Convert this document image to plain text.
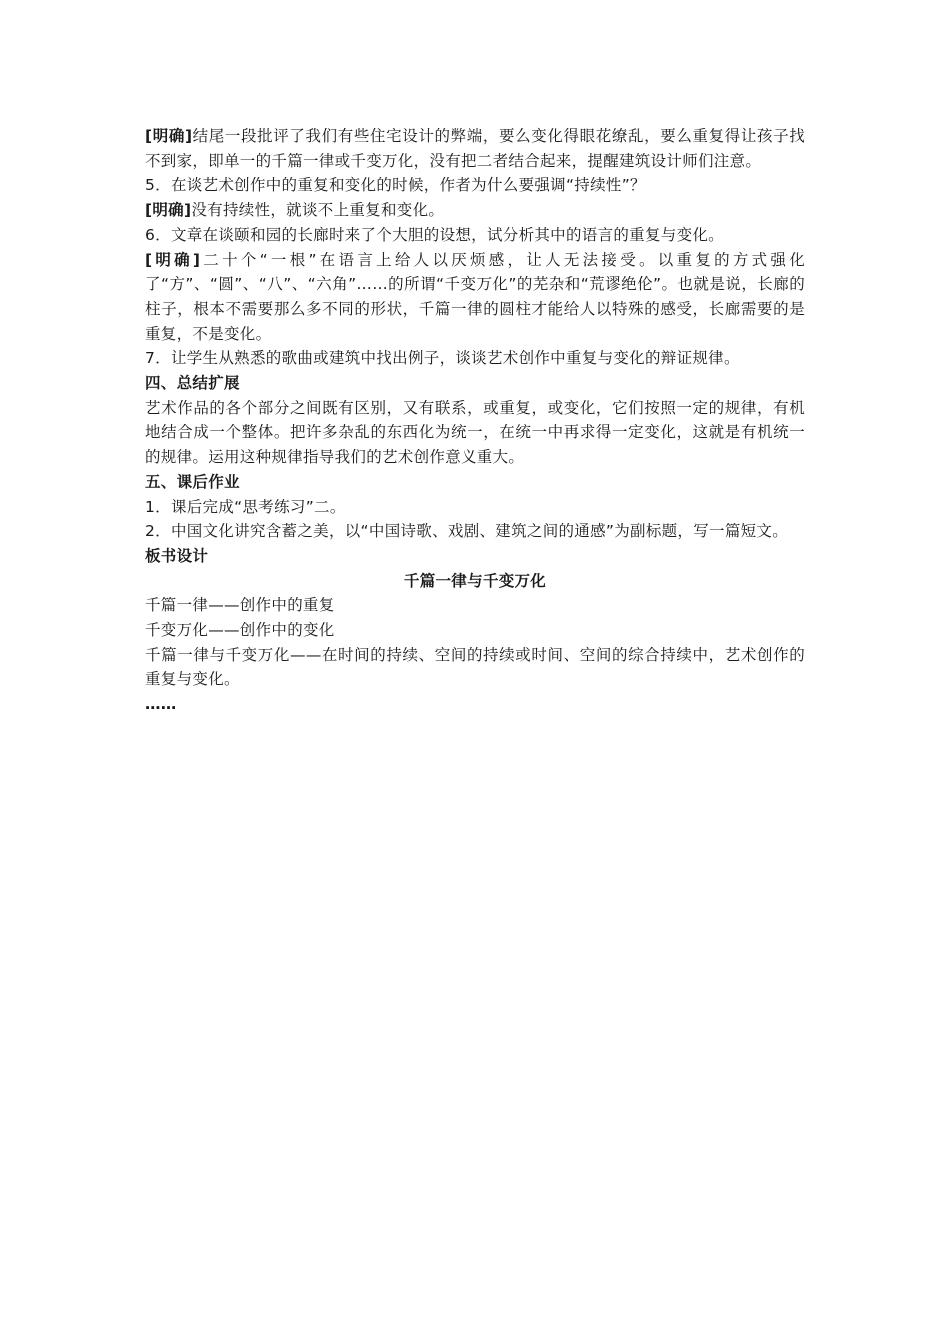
[明确]结尾一段批评了我们有些住宅设计的弊端，要么变化得眼花缭乱，要么重复得让孩子找不到家，即单一的千篇一律或千变万化，没有把二者结合起来，提醒建筑设计师们注意。

5．在谈艺术创作中的重复和变化的时候，作者为什么要强调“持续性”？

[明确]没有持续性，就谈不上重复和变化。

6．文章在谈颐和园的长廊时来了个大胆的设想，试分析其中的语言的重复与变化。

[明确]二十个“一根”在语言上给人以厌烦感，让人无法接受。以重复的方式强化了“方”、“圆”、“八”、“六角”……的所谓“千变万化”的芜杂和“荒谬绝伦”。也就是说，长廊的柱子，根本不需要那么多不同的形状，千篇一律的圆柱才能给人以特殊的感受，长廊需要的是重复，不是变化。

7．让学生从熟悉的歌曲或建筑中找出例子，谈谈艺术创作中重复与变化的辩证规律。

四、总结扩展

艺术作品的各个部分之间既有区别，又有联系，或重复，或变化，它们按照一定的规律，有机地结合成一个整体。把许多杂乱的东西化为统一，在统一中再求得一定变化，这就是有机统一的规律。运用这种规律指导我们的艺术创作意义重大。

五、课后作业

1．课后完成“思考练习”二。

2．中国文化讲究含蓄之美，以“中国诗歌、戏剧、建筑之间的通感”为副标题，写一篇短文。

板书设计

千篇一律与千变万化

千篇一律——创作中的重复

千变万化——创作中的变化

千篇一律与千变万化——在时间的持续、空间的持续或时间、空间的综合持续中，艺术创作的重复与变化。

……
